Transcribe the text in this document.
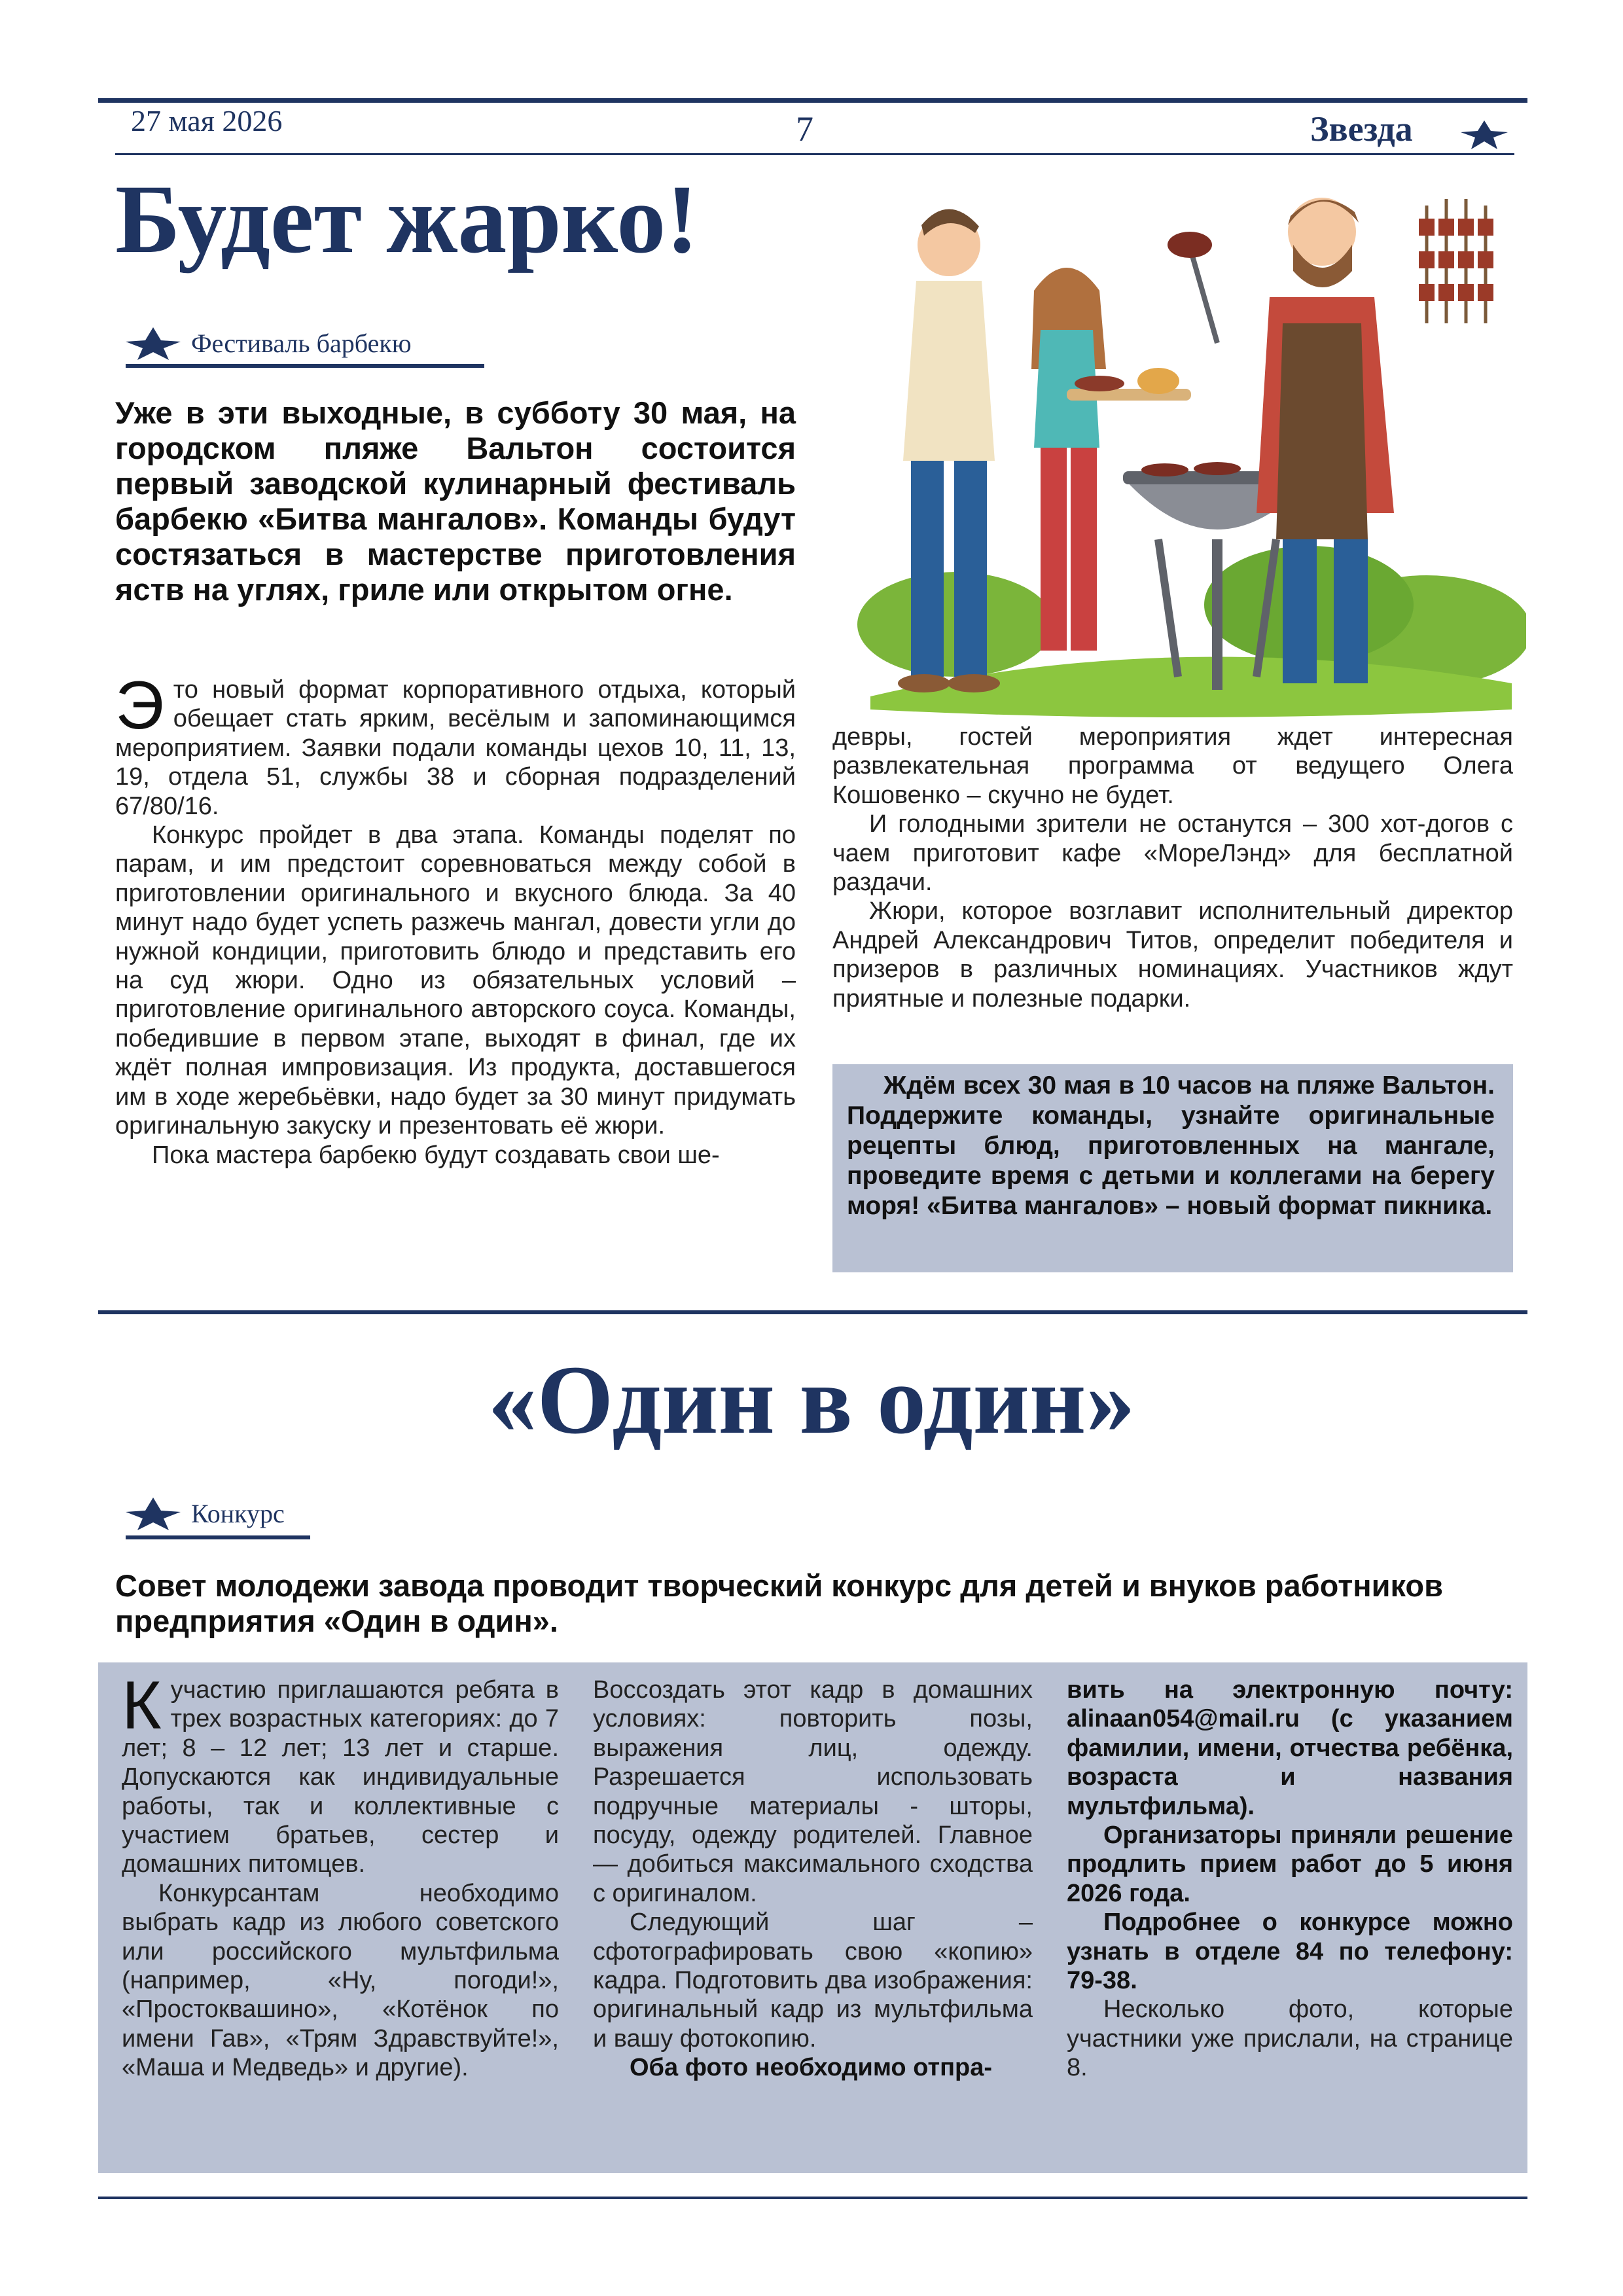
27 мая 2026	7	Звезда
Будет жарко!
Фестиваль барбекю
Уже в эти выходные, в субботу 30 мая, на городском пляже Вальтон состоится первый заводской кулинарный фестиваль барбекю «Битва мангалов». Команды будут состязаться в мастерстве приготовления яств на углях, гриле или открытом огне.

Это новый формат корпоративного отдыха, который обещает стать ярким, весёлым и запоминающимся мероприятием. Заявки подали команды цехов 10, 11, 13, 19, отдела 51, службы 38 и сборная подразделений 67/80/16.

Конкурс пройдет в два этапа. Команды поделят по парам, и им предстоит соревноваться между собой в приготовлении оригинального и вкусного блюда. За 40 минут надо будет успеть разжечь мангал, довести угли до нужной кондиции, приготовить блюдо и представить его на суд жюри. Одно из обязательных условий – приготовление оригинального авторского соуса. Команды, победившие в первом этапе, выходят в финал, где их ждёт полная импровизация. Из продукта, доставшегося им в ходе жеребьёвки, надо будет за 30 минут придумать оригинальную закуску и презентовать её жюри.

Пока мастера барбекю будут создавать свои ше-

девры, гостей мероприятия ждет интересная развлекательная программа от ведущего Олега Кошовенко – скучно не будет.

И голодными зрители не останутся – 300 хот-догов с чаем приготовит кафе «МореЛэнд» для бесплатной раздачи.

Жюри, которое возглавит исполнительный директор Андрей Александрович Титов, определит победителя и призеров в различных номинациях. Участников ждут приятные и полезные подарки.

Ждём всех 30 мая в 10 часов на пляже Вальтон. Поддержите команды, узнайте оригинальные рецепты блюд, приготовленных на мангале, проведите время с детьми и коллегами на берегу моря! «Битва мангалов» – новый формат пикника.
«Один в один»
Конкурс
Совет молодежи завода проводит творческий конкурс для детей и внуков работников предприятия «Один в один».

Кучастию приглашаются ребята в трех возрастных категориях: до 7 лет; 8 – 12 лет; 13 лет и старше. Допускаются как индивидуальные работы, так и коллективные с участием братьев, сестер и домашних питомцев.

Конкурсантам необходимо выбрать кадр из любого советского или российского мультфильма (например, «Ну, погоди!», «Простоквашино», «Котёнок по имени Гав», «Трям Здравствуйте!», «Маша и Медведь» и другие).

Воссоздать этот кадр в домашних условиях: повторить позы, выражения лиц, одежду. Разрешается использовать подручные материалы - шторы, посуду, одежду родителей. Главное — добиться максимального сходства с оригиналом.

Следующий шаг – сфотографировать свою «копию» кадра. Подготовить два изображения: оригинальный кадр из мультфильма и вашу фотокопию.

Оба фото необходимо отпра-

вить на электронную почту: alinaan054@mail.ru (с указанием фамилии, имени, отчества ребёнка, возраста и названия мультфильма).

Организаторы приняли решение продлить прием работ до 5 июня 2026 года.

Подробнее о конкурсе можно узнать в отделе 84 по телефону: 79-38.

Несколько фото, которые участники уже прислали, на странице 8.
